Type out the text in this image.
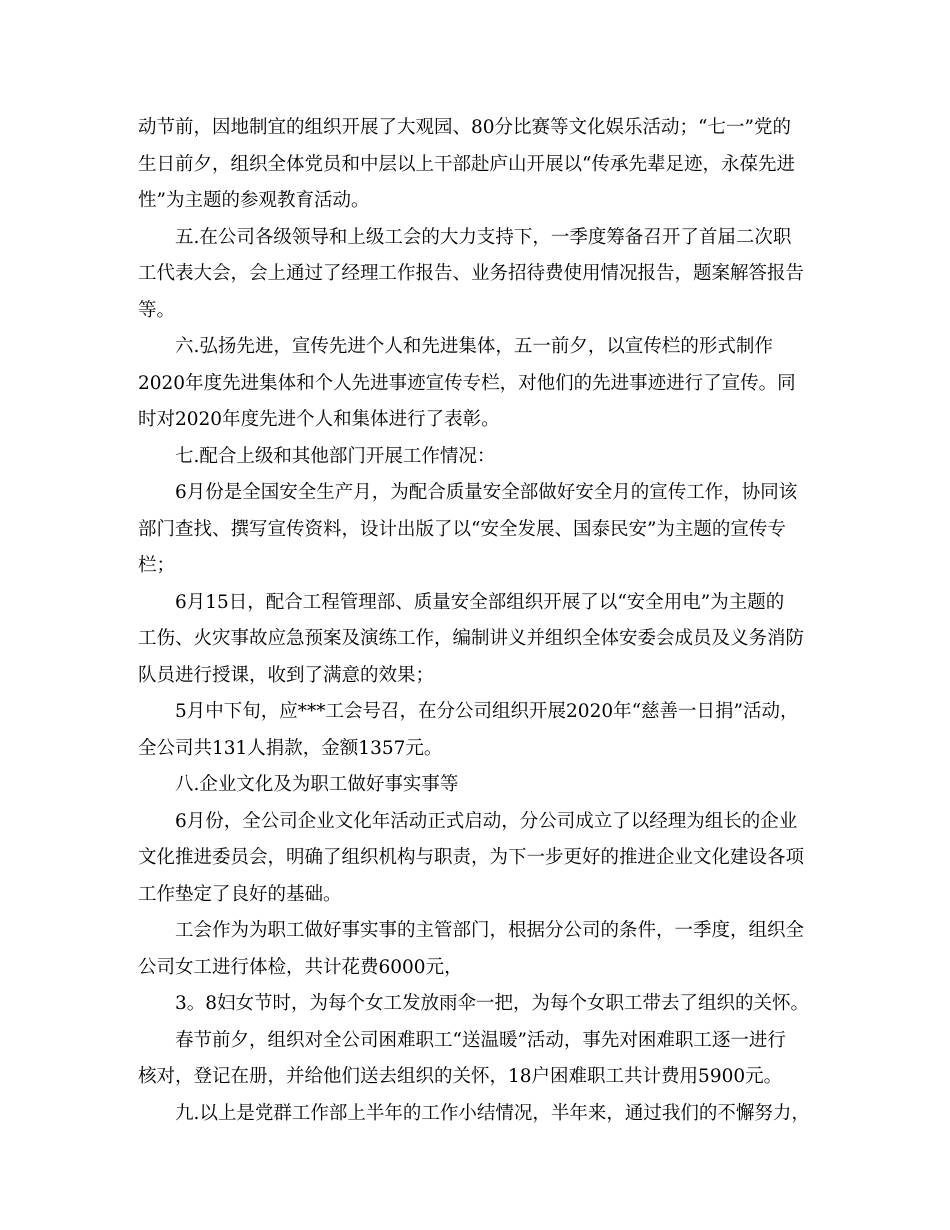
动节前，因地制宜的组织开展了大观园、80分比赛等文化娱乐活动；“七一”党的
生日前夕，组织全体党员和中层以上干部赴庐山开展以“传承先辈足迹，永葆先进
性”为主题的参观教育活动。
五.在公司各级领导和上级工会的大力支持下，一季度筹备召开了首届二次职
工代表大会，会上通过了经理工作报告、业务招待费使用情况报告，题案解答报告
等。
六.弘扬先进，宣传先进个人和先进集体，五一前夕，以宣传栏的形式制作
2020年度先进集体和个人先进事迹宣传专栏，对他们的先进事迹进行了宣传。同
时对2020年度先进个人和集体进行了表彰。
七.配合上级和其他部门开展工作情况：
6月份是全国安全生产月，为配合质量安全部做好安全月的宣传工作，协同该
部门查找、撰写宣传资料，设计出版了以“安全发展、国泰民安”为主题的宣传专
栏；
6月15日，配合工程管理部、质量安全部组织开展了以“安全用电”为主题的
工伤、火灾事故应急预案及演练工作，编制讲义并组织全体安委会成员及义务消防
队员进行授课，收到了满意的效果；
5月中下旬，应***工会号召，在分公司组织开展2020年“慈善一日捐”活动，
全公司共131人捐款，金额1357元。
八.企业文化及为职工做好事实事等
6月份，全公司企业文化年活动正式启动，分公司成立了以经理为组长的企业
文化推进委员会，明确了组织机构与职责，为下一步更好的推进企业文化建设各项
工作垫定了良好的基础。
工会作为为职工做好事实事的主管部门，根据分公司的条件，一季度，组织全
公司女工进行体检，共计花费6000元，
3。8妇女节时，为每个女工发放雨伞一把，为每个女职工带去了组织的关怀。
春节前夕，组织对全公司困难职工“送温暖”活动，事先对困难职工逐一进行
核对，登记在册，并给他们送去组织的关怀，18户困难职工共计费用5900元。
九.以上是党群工作部上半年的工作小结情况，半年来，通过我们的不懈努力，
